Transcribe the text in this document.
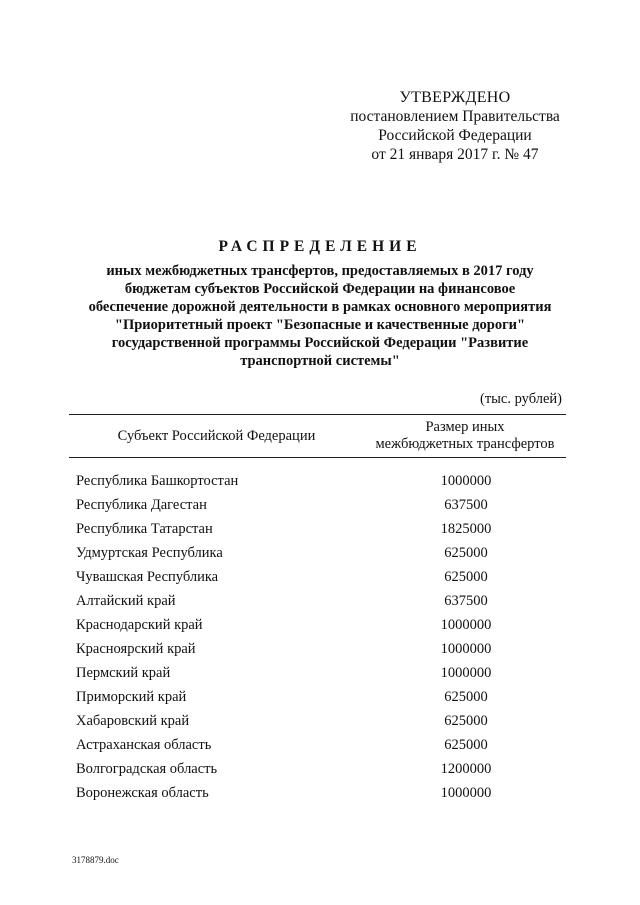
УТВЕРЖДЕНО
постановлением Правительства
Российской Федерации
от 21 января 2017 г. № 47
РАСПРЕДЕЛЕНИЕ
иных межбюджетных трансфертов, предоставляемых в 2017 году
бюджетам субъектов Российской Федерации на финансовое
обеспечение дорожной деятельности в рамках основного мероприятия
"Приоритетный проект "Безопасные и качественные дороги"
государственной программы Российской Федерации "Развитие
транспортной системы"
(тыс. рублей)
Субъект Российской Федерации
Размер иных
межбюджетных трансфертов
Республика Башкортостан	1000000
Республика Дагестан	637500
Республика Татарстан	1825000
Удмуртская Республика	625000
Чувашская Республика	625000
Алтайский край	637500
Краснодарский край	1000000
Красноярский край	1000000
Пермский край	1000000
Приморский край	625000
Хабаровский край	625000
Астраханская область	625000
Волгоградская область	1200000
Воронежская область	1000000
3178879.doc
